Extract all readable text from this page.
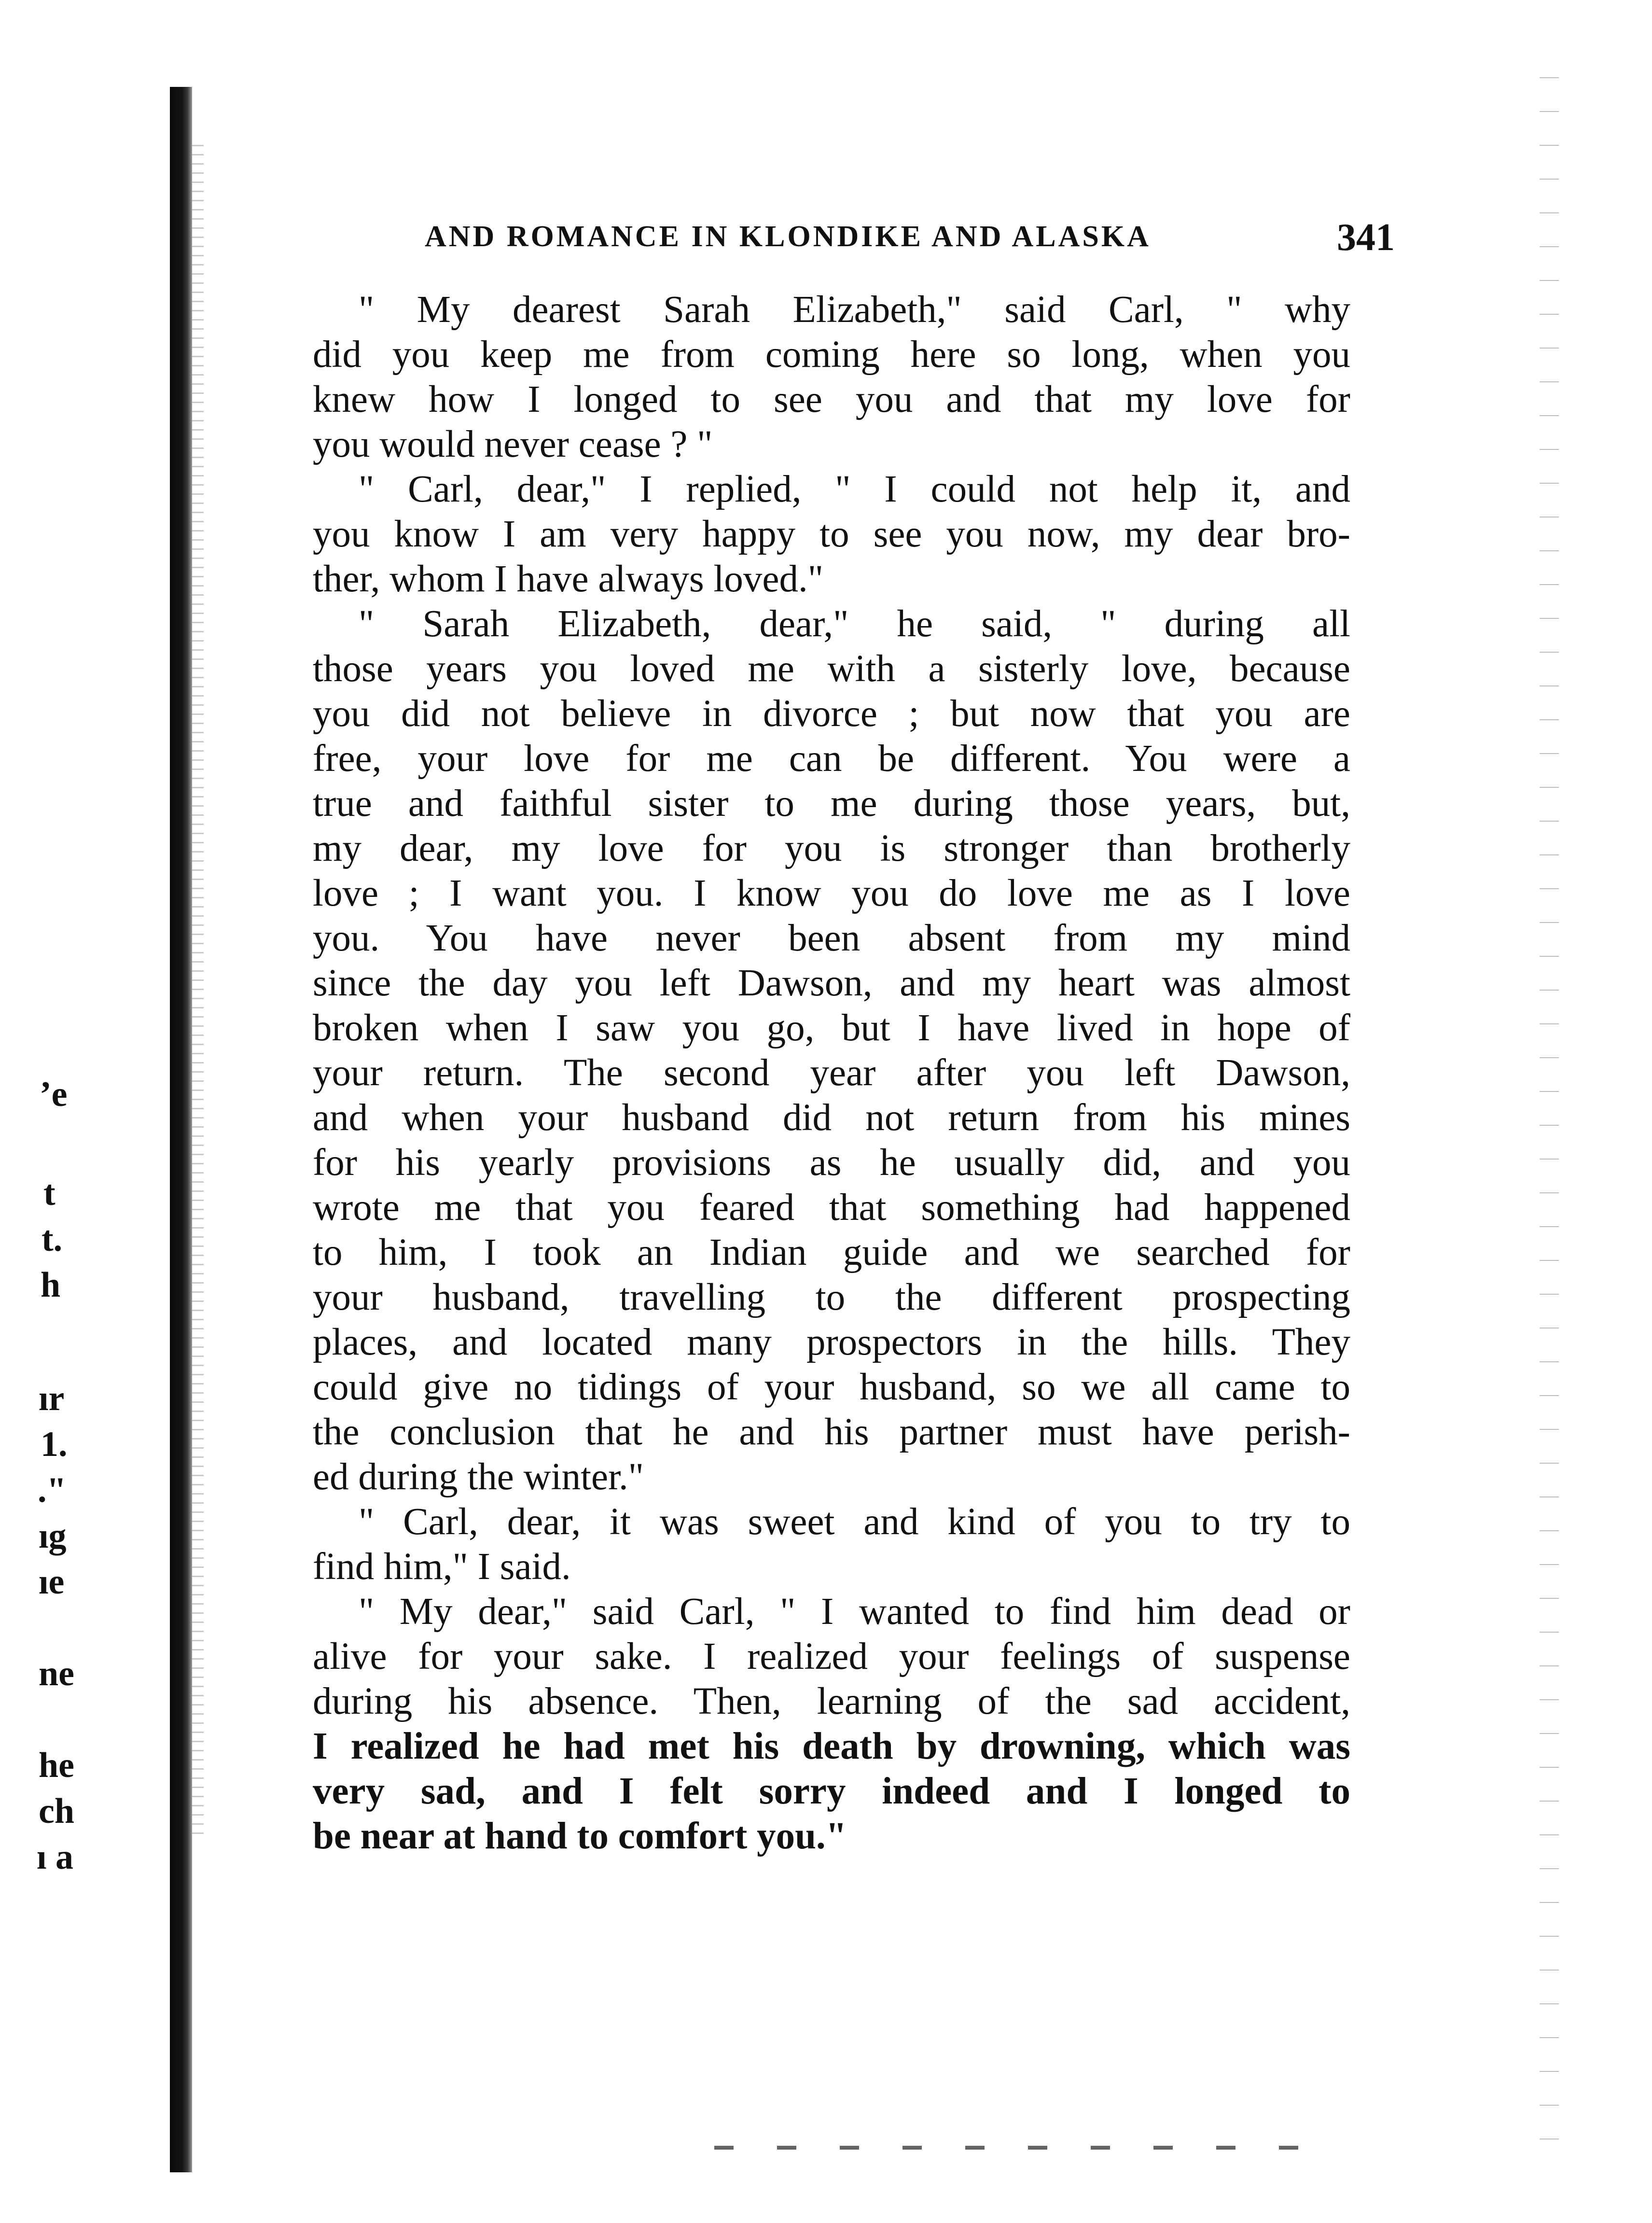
’e
t
t.
h
ır
1.
."
ıg
ıe
ne
he
ch
ı a
AND ROMANCE IN KLONDIKE AND ALASKA	341
" My dearest Sarah Elizabeth," said Carl, " why
did you keep me from coming here so long, when you
knew how I longed to see you and that my love for
you would never cease ? "
" Carl, dear," I replied, " I could not help it, and
you know I am very happy to see you now, my dear bro-
ther, whom I have always loved."
" Sarah Elizabeth, dear," he said, " during all
those years you loved me with a sisterly love, because
you did not believe in divorce ; but now that you are
free, your love for me can be different. You were a
true and faithful sister to me during those years, but,
my dear, my love for you is stronger than brotherly
love ; I want you. I know you do love me as I love
you. You have never been absent from my mind
since the day you left Dawson, and my heart was almost
broken when I saw you go, but I have lived in hope of
your return. The second year after you left Dawson,
and when your husband did not return from his mines
for his yearly provisions as he usually did, and you
wrote me that you feared that something had happened
to him, I took an Indian guide and we searched for
your husband, travelling to the different prospecting
places, and located many prospectors in the hills. They
could give no tidings of your husband, so we all came to
the conclusion that he and his partner must have perish-
ed during the winter."
" Carl, dear, it was sweet and kind of you to try to
find him," I said.
" My dear," said Carl, " I wanted to find him dead or
alive for your sake. I realized your feelings of suspense
during his absence. Then, learning of the sad accident,
I realized he had met his death by drowning, which was
very sad, and I felt sorry indeed and I longed to
be near at hand to comfort you."
